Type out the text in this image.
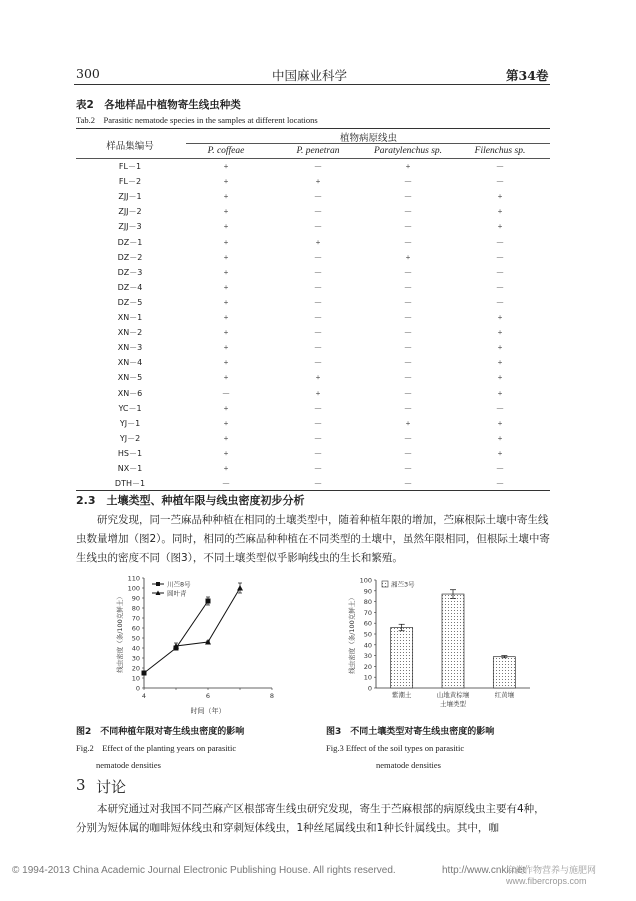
300	中国麻业科学	第34卷
表2　各地样品中植物寄生线虫种类
Tab.2　Parasitic nematode species in the samples at different locations
样品集编号
植物病原线虫
P. coffeae	P. penetran	Paratylenchus sp.	Filenchus sp.
FL－1	+	－	+	－
FL－2	+	+	－	－
ZJJ－1	+	－	－	+
ZJJ－2	+	－	－	+
ZJJ－3	+	－	－	+
DZ－1	+	+	－	－
DZ－2	+	－	+	－
DZ－3	+	－	－	－
DZ－4	+	－	－	－
DZ－5	+	－	－	－
XN－1	+	－	－	+
XN－2	+	－	－	+
XN－3	+	－	－	+
XN－4	+	－	－	+
XN－5	+	+	－	+
XN－6	－	+	－	+
YC－1	+	－	－	－
YJ－1	+	－	+	+
YJ－2	+	－	－	+
HS－1	+	－	－	+
NX－1	+	－	－	－
DTH－1	－	－	－	－
2.3　土壤类型、种植年限与线虫密度初步分析
　　研究发现，同一苎麻品种种植在相同的土壤类型中，随着种植年限的增加，苎麻根际土壤中寄生线虫数量增加（图2）。同时，相同的苎麻品种种植在不同类型的土壤中，虽然年限相同，但根际土壤中寄生线虫的密度不同（图3），不同土壤类型似乎影响线虫的生长和繁殖。
0
10
20
30
40
50
60
70
80
90
100
110
4	6	8
时间（年）
线虫密度（条/100克鲜土）
川苎8号
圆叶青
图2　不同种植年限对寄生线虫密度的影响
Fig.2　Effect of the planting years on parasitic
nematode densities
0
10
20
30
40
50
60
70
80
90
100
紫潮土	山地黄棕壤	红黄壤
土壤类型
线虫密度（条/100克鲜土）
湘苎3号
图3　不同土壤类型对寄生线虫密度的影响
Fig.3 Effect of the soil types on parasitic
nematode densities
3 讨论
　　本研究通过对我国不同苎麻产区根部寄生线虫研究发现，寄生于苎麻根部的病原线虫主要有4种，分别为短体属的咖啡短体线虫和穿刺短体线虫，1种丝尾属线虫和1种长针属线虫。其中，咖
© 1994-2013 China Academic Journal Electronic Publishing House. All rights reserved.	http://www.cnki.net
麻类作物营养与施肥网 www.fibercrops.com
